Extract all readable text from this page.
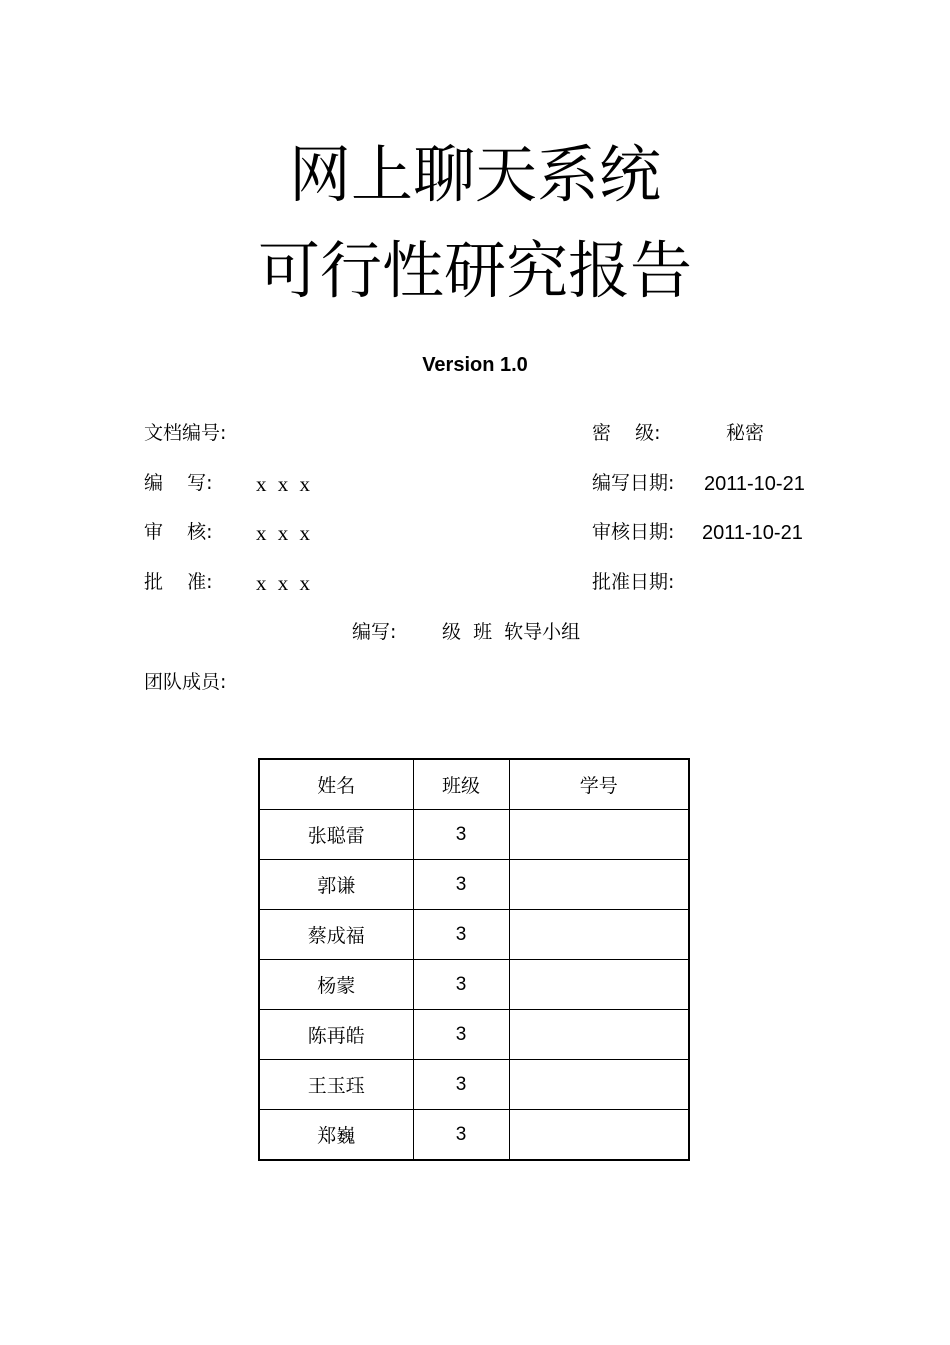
网上聊天系统
可行性研究报告
Version 1.0
文档编号:	密    级:	秘密
编    写: x x x	编写日期: 2011-10-21
审    核: x x x	审核日期: 2011-10-21
批    准: x x x	批准日期:
编写: 级  班  软导小组
团队成员:
姓名	班级	学号
张聪雷	3	
郭谦	3	
蔡成福	3	
杨蒙	3	
陈再皓	3	
王玉珏	3	
郑巍	3	
